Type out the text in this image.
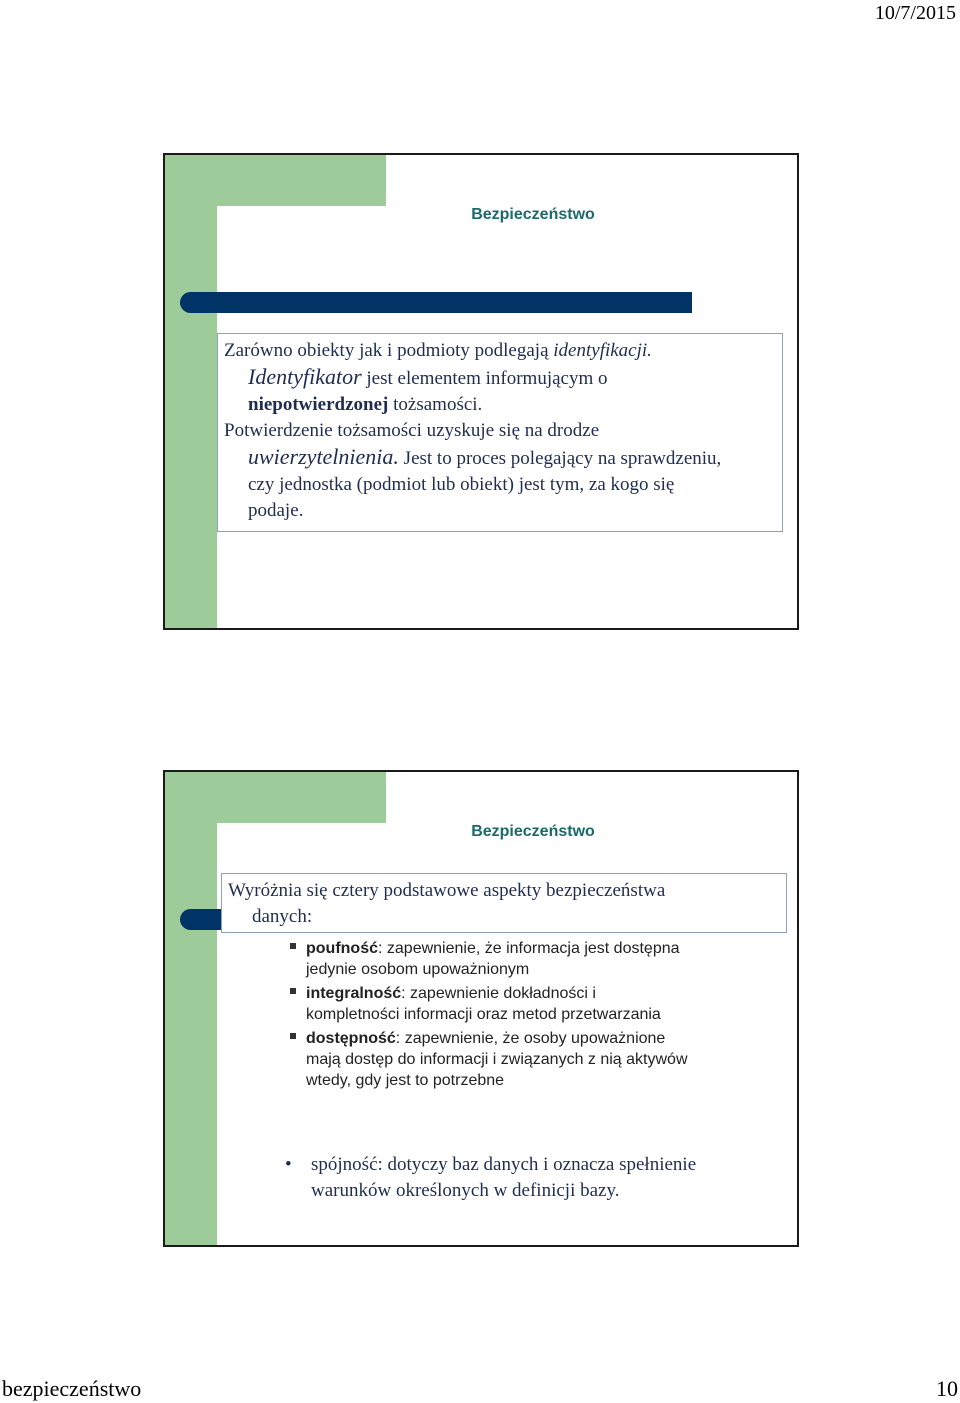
10/7/2015
Bezpieczeństwo

Zarówno obiekty jak i podmioty podlegają identyfikacji.

Identyfikator jest elementem informującym o

niepotwierdzonej tożsamości.

Potwierdzenie tożsamości uzyskuje się na drodze

uwierzytelnienia. Jest to proces polegający na sprawdzeniu,

czy jednostka (podmiot lub obiekt) jest tym, za kogo się

podaje.

Bezpieczeństwo

Wyróżnia się cztery podstawowe aspekty bezpieczeństwa

danych:

poufność: zapewnienie, że informacja jest dostępna jedynie osobom upoważnionym
integralność: zapewnienie dokładności i kompletności informacji oraz metod przetwarzania
dostępność: zapewnienie, że osoby upoważnione mają dostęp do informacji i związanych z nią aktywów wtedy, gdy jest to potrzebne
•	spójność: dotyczy baz danych i oznacza spełnienie warunków określonych w definicji bazy.
bezpieczeństwo	10
